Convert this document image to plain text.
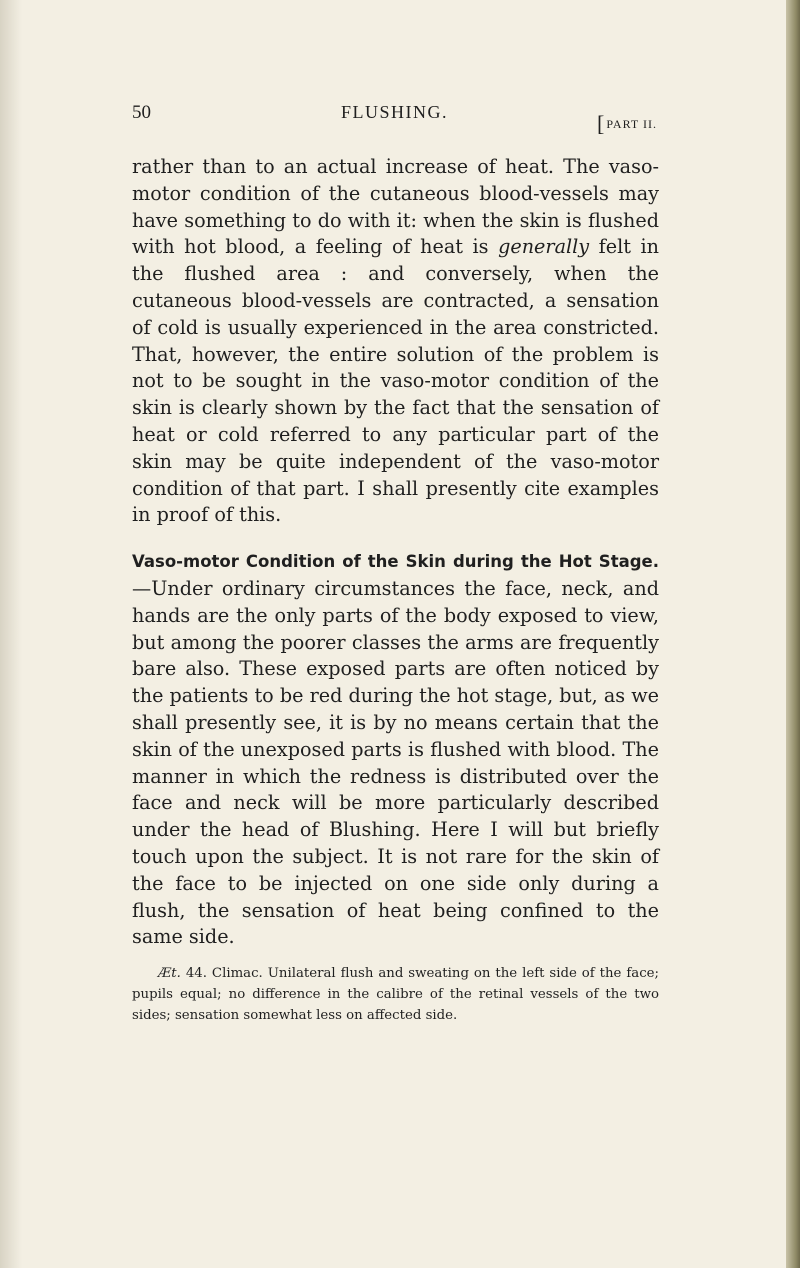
50	FLUSHING.	[PART II.

rather than to an actual increase of heat. The vaso-motor condition of the cutaneous blood-vessels may have something to do with it: when the skin is flushed with hot blood, a feeling of heat is generally felt in the flushed area : and conversely, when the cutaneous blood-vessels are contracted, a sensation of cold is usually experienced in the area constricted. That, however, the entire solution of the problem is not to be sought in the vaso-motor condition of the skin is clearly shown by the fact that the sensation of heat or cold referred to any particular part of the skin may be quite independent of the vaso-motor condition of that part. I shall presently cite examples in proof of this.

Vaso-motor Condition of the Skin during the Hot Stage.—Under ordinary circumstances the face, neck, and hands are the only parts of the body exposed to view, but among the poorer classes the arms are frequently bare also. These exposed parts are often noticed by the patients to be red during the hot stage, but, as we shall presently see, it is by no means certain that the skin of the unexposed parts is flushed with blood. The manner in which the redness is distributed over the face and neck will be more particularly described under the head of Blushing. Here I will but briefly touch upon the subject. It is not rare for the skin of the face to be injected on one side only during a flush, the sensation of heat being confined to the same side.

Æt. 44. Climac. Unilateral flush and sweating on the left side of the face; pupils equal; no difference in the calibre of the retinal vessels of the two sides; sensation somewhat less on affected side.
